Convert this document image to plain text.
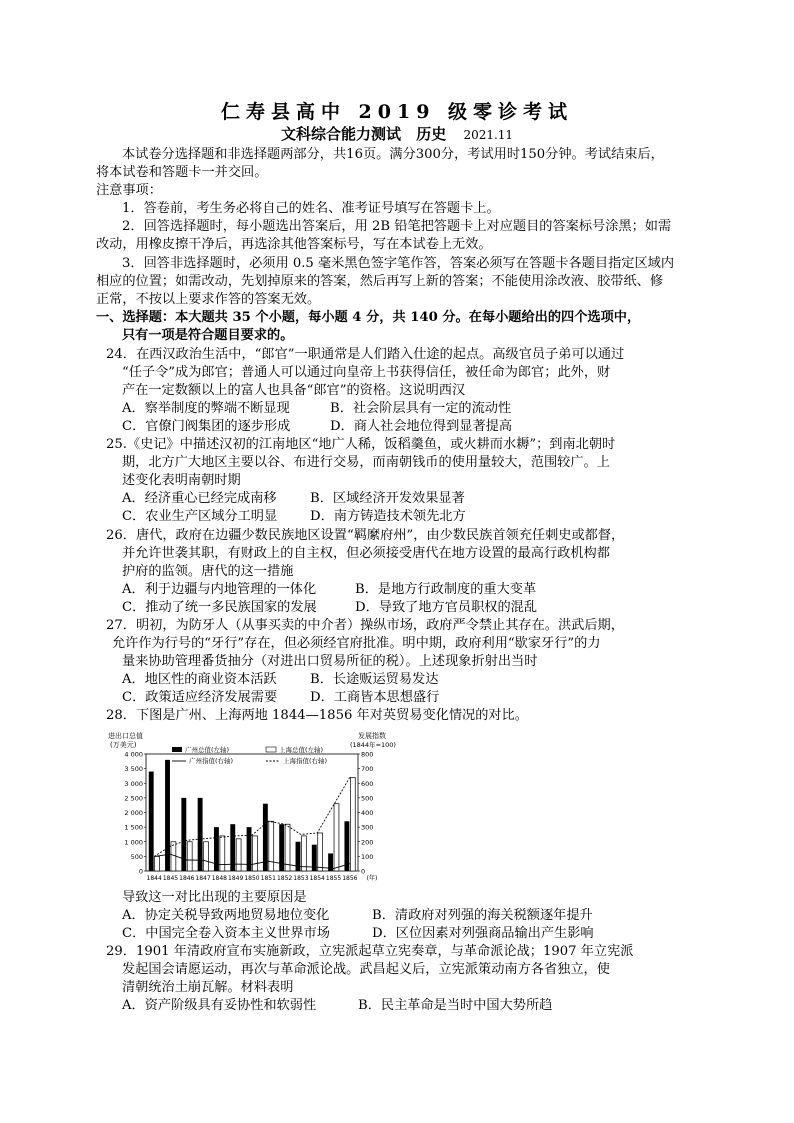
仁寿县高中 2019 级零诊考试
文科综合能力测试 历史 2021.11
本试卷分选择题和非选择题两部分，共16页。满分300分，考试用时150分钟。考试结束后，
将本试卷和答题卡一并交回。
注意事项：
1．答卷前，考生务必将自己的姓名、准考证号填写在答题卡上。
2．回答选择题时，每小题选出答案后，用 2B 铅笔把答题卡上对应题目的答案标号涂黑；如需
改动，用橡皮擦干净后，再选涂其他答案标号，写在本试卷上无效。
3．回答非选择题时，必须用 0.5 毫米黑色签字笔作答，答案必须写在答题卡各题目指定区域内
相应的位置；如需改动，先划掉原来的答案，然后再写上新的答案；不能使用涂改液、胶带纸、修
正常，不按以上要求作答的答案无效。
一、选择题：本大题共 35 个小题，每小题 4 分，共 140 分。在每小题给出的四个选项中，
只有一项是符合题目要求的。
24．在西汉政治生活中，“郎官”一职通常是人们踏入仕途的起点。高级官员子弟可以通过
“任子令”成为郎官；普通人可以通过向皇帝上书获得信任，被任命为郎官；此外，财
产在一定数额以上的富人也具备“郎官”的资格。这说明西汉
A．察举制度的弊端不断显现	B．社会阶层具有一定的流动性
C．官僚门阀集团的逐步形成	D．商人社会地位得到显著提高
25.《史记》中描述汉初的江南地区“地广人稀，饭稻羹鱼，或火耕而水耨”；到南北朝时
期，北方广大地区主要以谷、布进行交易，而南朝钱币的使用量较大，范围较广。上
述变化表明南朝时期
A．经济重心已经完成南移	B．区域经济开发效果显著
C．农业生产区域分工明显 D．南方铸造技术领先北方
26．唐代，政府在边疆少数民族地区设置“羁縻府州”，由少数民族首领充任刺史或都督，
并允许世袭其职，有财政上的自主权，但必须接受唐代在地方设置的最高行政机构都
护府的监领。唐代的这一措施
A．利于边疆与内地管理的一体化	B．是地方行政制度的重大变革
C．推动了统一多民族国家的发展	D．导致了地方官员职权的混乱
27．明初，为防牙人（从事买卖的中介者）操纵市场，政府严令禁止其存在。洪武后期，
允许作为行号的“牙行”存在，但必须经官府批准。明中期，政府利用“歇家牙行”的力
量来协助管理番货抽分（对进出口贸易所征的税）。上述现象折射出当时
A．地区性的商业资本活跃	B．长途贩运贸易发达
C．政策适应经济发展需要 D．工商皆本思想盛行
28．下图是广州、上海两地 1844—1856 年对英贸易变化情况的对比。
进出口总值
(万美元)
发展指数
(1844年=100)
0
500
1 000
1 500
2 000
2 500
3 000
3 500
4 000
0
100
200
300
400
500
600
700
800
1844 1845 1846 1847 1848 1849 1850 1851 1852 1853 1854 1855 1856 (年)
广州总值(左轴)	上海总值(左轴)
广州指值(右轴)	上海指值(右轴)
导致这一对比出现的主要原因是
A．协定关税导致两地贸易地位变化	B．清政府对列强的海关税额逐年提升
C．中国完全卷入资本主义世界市场	D．区位因素对列强商品输出产生影响
29．1901 年清政府宣布实施新政，立宪派起草立宪奏章，与革命派论战；1907 年立宪派
发起国会请愿运动，再次与革命派论战。武昌起义后，立宪派策动南方各省独立，使
清朝统治土崩瓦解。材料表明
A．资产阶级具有妥协性和软弱性	B．民主革命是当时中国大势所趋
